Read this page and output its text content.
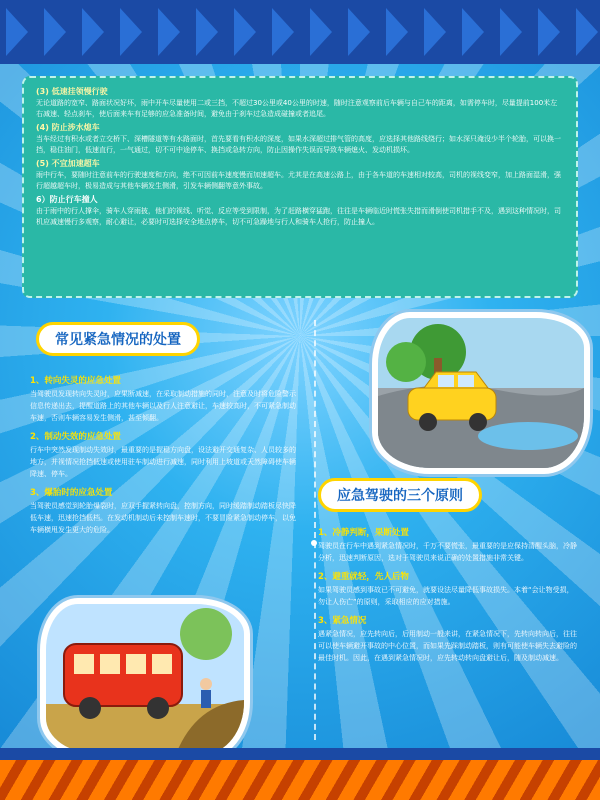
(3) 低速挂领慢行驶
无论道路的宽窄、路面状况好坏，雨中开车尽量使用二或三挡，不超过30公里或40公里的时速，随时注意观察前后车辆与自己车的距离，如需停车时，尽量提前100米左右减速、轻点刹车，使后面来车有足够的应急准备时间，避免由于刹车过急造成碰撞或者追尾。
(4) 防止涉水熄车
当车经过有积水或者立交桥下、深槽隧道等有水路面时，首先要看有积水的深度，如果水深超过排气管的高度，应选择其他路线绕行；如水深只淹没少半个轮胎，可以换一挡，稳住油门，低速直行，一气通过，切不可中途停车、换挡或急转方向，防止因操作失误而导致车辆熄火、发动机损坏。
(5) 不宜加速超车
雨中行车，要随时注意前车的行驶速度和方向，绝不可因前车速度慢而加速超车。尤其是在高速公路上，由于各车道的车速相对较高，司机的视线变窄，加上路面湿滑，强行超越超车时，极易造成与其他车辆发生侧滑，引发车辆侧翻等意外事故。
6）防止行车撞人
由于雨中的行人撑伞，骑车人穿雨披，他们的视线、听觉、反应等受到限制，为了赶路横穿猛跑，往往是车辆临近时慌张失措而滑倒使司机措手不及，遇到这种情况时，司机应减速慢行多观察，耐心避让，必要时可选择安全地点停车，切不可急躁地与行人和骑车人抢行，防止撞人。
常见紧急情况的处置
1、转向失灵的应急处置
当驾驶员发现转向失灵时，应果断减速，在采取制动措施的同时，注意及时将危险警示信息传递出去，提醒道路上的其他车辆以及行人注意避让，车速较高时，不可紧急制动车速，否则车辆容易发生侧滑，甚至倾翻。
2、制动失效的应急处置
行车中突然发现制动失效时，最重要的是握稳方向盘，设法避开交通复杂、人员较多的地方，并视情况抢挡低速或使用驻车制动进行减速，同时利用上坡道或天然障碍使车辆降速、停车。
3、爆胎时的应急处置
当驾驶员感觉到轮胎爆裂时，应双手握紧转向盘，控制方向，同时缓踏制动踏板尽快降低车速，迅速抢挡低档。在发动机制动后未控制车速时，不要冒险紧急制动停车，以免车辆横甩发生更大的危险。
应急驾驶的三个原则
1、冷静判断，果断处置
驾驶员在行车中遇到紧急情况时，千万不要慌张，最重要的是应保持清醒头脑，冷静分析，迅速判断原因，选对于驾驶员来说正确的处置措施非常关键。
2、避重就轻，先人后物
如果驾驶员感到事故已不可避免，就要设法尽量降低事故损失。本着“会让物受损，勿让人伤亡”的原则，采取相应的应对措施。
3、紧急情况
遇紧急情况，应先转向后，后用制动一般来讲，在紧急情况下，先转向转向后，往往可以使车辆避开事故的中心位置，而如果先踩制动踏板，则有可能使车辆失去避险的最佳时机。因此，在遇到紧急情况时，应先转动转向盘避让后，随及制动减速。
